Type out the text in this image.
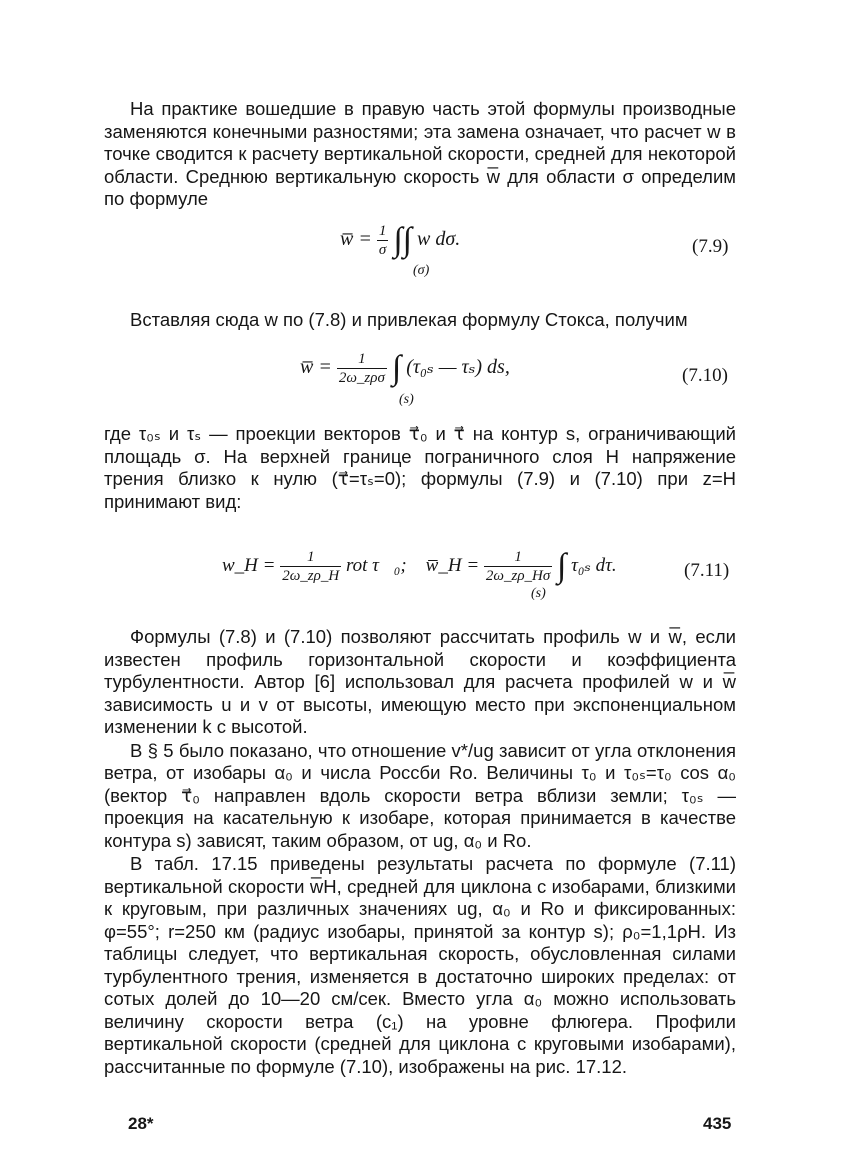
На практике вошедшие в правую часть этой формулы производные заменяются конечными разностями; эта замена означает, что расчет w в точке сводится к расчету вертикальной скорости, средней для некоторой области. Среднюю вертикальную скорость w̅ для области σ определим по формуле

w̅ = $\frac{1}{\sigma}$ ∫∫ w dσ.
(σ)
(7.9)

Вставляя сюда w по (7.8) и привлекая формулу Стокса, получим

w̅ = $\frac{1}{\text{2ω\_zρσ}}$ ∫ (τ₀ₛ — τₛ) ds,
(s)
(7.10)

где τ₀ₛ и τₛ — проекции векторов τ⃗₀ и τ⃗ на контур s, ограничивающий площадь σ. На верхней границе пограничного слоя H напряжение трения близко к нулю (τ⃗=τₛ=0); формулы (7.9) и (7.10) при z=H принимают вид:

w_H = $\frac{1}{2\omega\_z\rho\_H}$ rot τ⃗₀; w̅_H = $\frac{1}{2\omega\_z\rho\_H\sigma}$ ∫ τ₀ₛ dτ.
(s)
(7.11)

Формулы (7.8) и (7.10) позволяют рассчитать профиль w и w̅, если известен профиль горизонтальной скорости и коэффициента турбулентности. Автор [6] использовал для расчета профилей w и w̅ зависимость u и v от высоты, имеющую место при экспоненциальном изменении k с высотой.

В § 5 было показано, что отношение v*/ug зависит от угла отклонения ветра, от изобары α₀ и числа Россби Ro. Величины τ₀ и τ₀ₛ=τ₀ cos α₀ (вектор τ⃗₀ направлен вдоль скорости ветра вблизи земли; τ₀ₛ — проекция на касательную к изобаре, которая принимается в качестве контура s) зависят, таким образом, от ug, α₀ и Ro.

В табл. 17.15 приведены результаты расчета по формуле (7.11) вертикальной скорости w̅H, средней для циклона с изобарами, близкими к круговым, при различных значениях ug, α₀ и Ro и фиксированных: φ=55°; r=250 км (радиус изобары, принятой за контур s); ρ₀=1,1ρH. Из таблицы следует, что вертикальная скорость, обусловленная силами турбулентного трения, изменяется в достаточно широких пределах: от сотых долей до 10—20 см/сек. Вместо угла α₀ можно использовать величину скорости ветра (c₁) на уровне флюгера. Профили вертикальной скорости (средней для циклона с круговыми изобарами), рассчитанные по формуле (7.10), изображены на рис. 17.12.

28*	435
